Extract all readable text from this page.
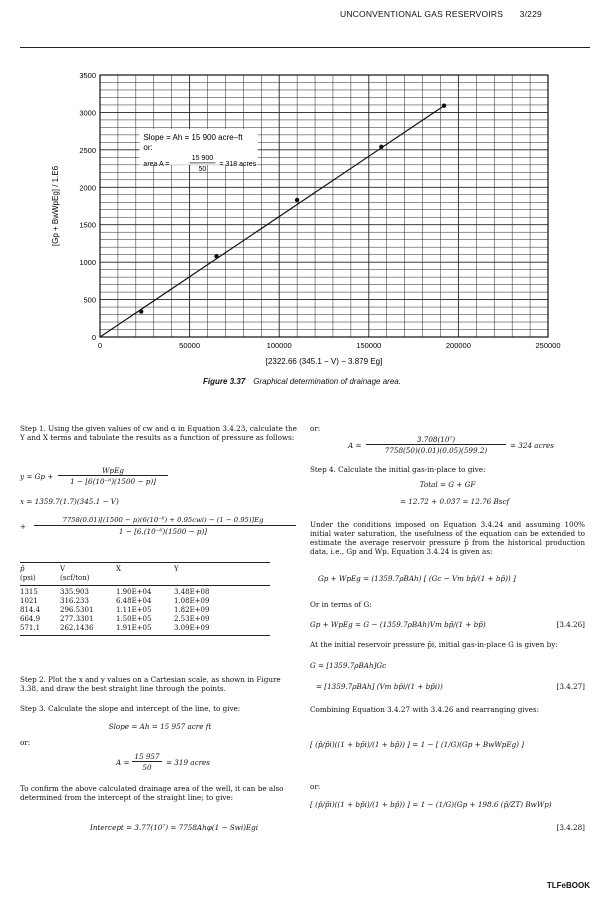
UNCONVENTIONAL GAS RESERVOIRS 3/229
Slope = Ah = 15 900 acre–ft
or:
area A =
15 900
50
= 318 acres
0	50000	100000	150000	200000	250000
0
500
1000
1500
2000
2500
3000
3500
[2322.66 (345.1 − V) − 3.879 Eg]
[Gp + BwWpEg] / 1.E6
Figure 3.37 Graphical determination of drainage area.
Step 1. Using the given values of cw and α in Equation 3.4.23, calculate the Y and X terms and tabulate the results as a function of pressure as follows:
y = Gp +
WpEg
1 − [6(10⁻⁶)(1500 − p)]
x = 1359.7(1.7)(345.1 − V)
+
7758(0.01)[(1500 − p)(6(10⁻⁶) + 0.95cwi) − (1 − 0.95)]Eg
1 − [6.(10⁻⁶)(1500 − p)]
p̄	V	X	Y
(psi)	(scf/ton)		
1315	335.903	1.90E+04	3.48E+08
1021	316.233	6.48E+04	1.08E+09
814.4	296.5301	1.11E+05	1.82E+09
664.9	277.3301	1.50E+05	2.53E+09
571.1	262.1436	1.91E+05	3.09E+09
Step 2. Plot the x and y values on a Cartesian scale, as shown in Figure 3.38, and draw the best straight line through the points.
Step 3. Calculate the slope and intercept of the line, to give:
Slope = Ah = 15 957 acre ft
or:
A =
15 957
50
= 319 acres
To confirm the above calculated drainage area of the well, it can be also determined from the intercept of the straight line; to give:
Intercept = 3.77(10⁷) = 7758Ahφ(1 − Swi)Egi
or:
A =
3.708(10⁷)
7758(50)(0.01)(0.05)(599.2)
= 324 acres
Step 4. Calculate the initial gas-in-place to give:
Total = G + GF
= 12.72 + 0.037 = 12.76 Bscf
Under the conditions imposed on Equation 3.4.24 and assuming 100% initial water saturation, the usefulness of the equation can be extended to estimate the average reservoir pressure p̄ from the historical production data, i.e., Gp and Wp. Equation 3.4.24 is given as:
Gp + WpEg = (1359.7ρBAh) [ (Gc − Vm bp̄/(1 + bp̄)) ]
Or in terms of G:
Gp + WpEg = G − (1359.7ρBAh)Vm bp̄/(1 + bp̄)	[3.4.26]
At the initial reservoir pressure p̄i, initial gas-in-place G is given by:
G = [1359.7ρBAh]Gc
= [1359.7ρBAh] (Vm bp̄i/(1 + bp̄i))	[3.4.27]
Combining Equation 3.4.27 with 3.4.26 and rearranging gives:
[ (p̄/p̄i)((1 + bp̄i)/(1 + bp̄)) ] = 1 − [ (1/G)(Gp + BwWpEg) ]
or:
[ (p̄/p̄i)((1 + bp̄i)/(1 + bp̄)) ] = 1 − (1/G)(Gp + 198.6 (p̄/ZT) BwWp)
[3.4.28]
TLFeBOOK
